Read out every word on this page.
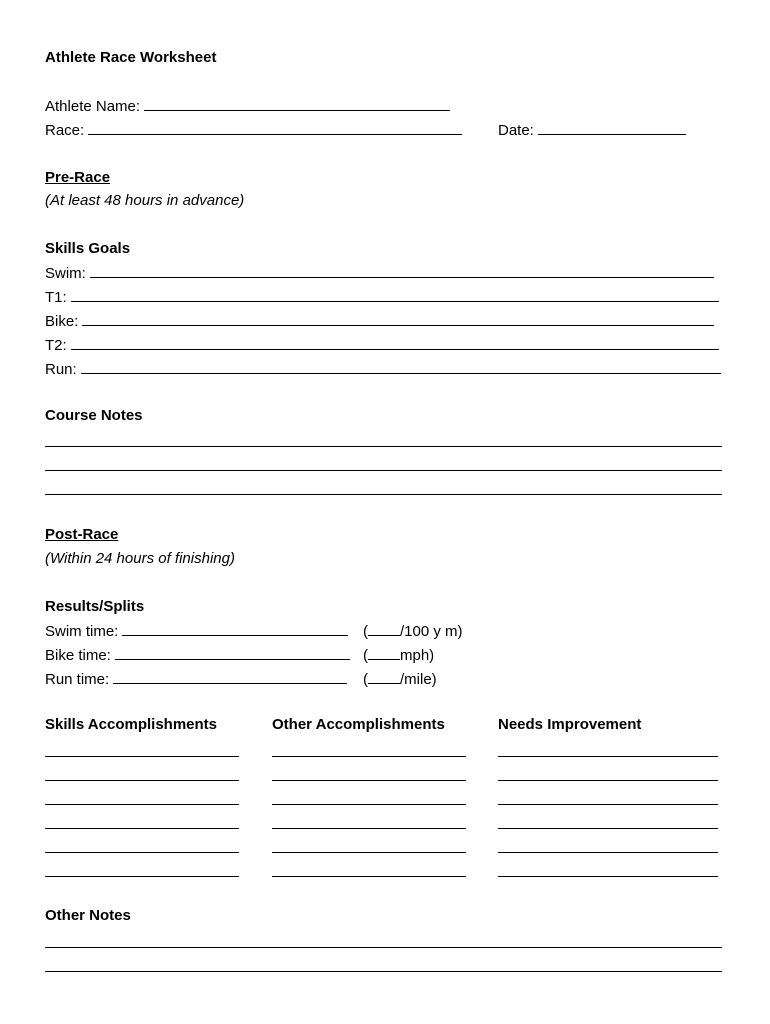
Athlete Race Worksheet
Athlete Name:
Race:	Date:
Pre-Race
(At least 48 hours in advance)
Skills Goals
Swim:
T1:
Bike:
T2:
Run:
Course Notes
Post-Race
(Within 24 hours of finishing)
Results/Splits
Swim time:	( /100 y m)
Bike time:	( mph)
Run time:	( /mile)
Skills Accomplishments	Other Accomplishments	Needs Improvement
Other Notes
